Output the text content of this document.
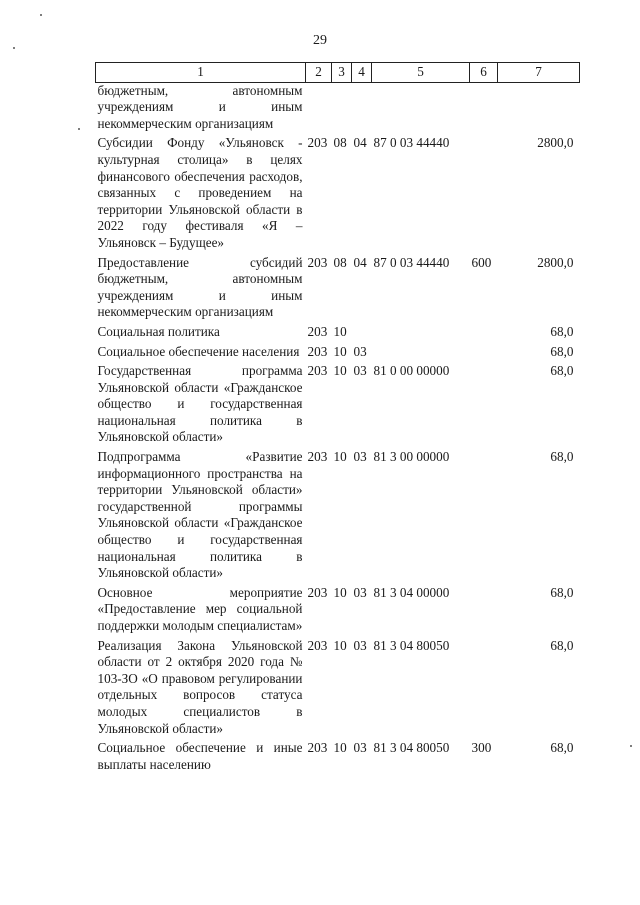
29
1	2	3	4	5	6	7
бюджетным, автономным учреждениям и иным некоммерческим организациям						
Субсидии Фонду «Ульяновск - культурная столица» в целях финансового обеспечения расходов, связанных с проведением на территории Ульяновской области в 2022 году фестиваля «Я – Ульяновск – Будущее»	203	08	04	87 0 03 44440		2800,0
Предоставление субсидий бюджетным, автономным учреждениям и иным некоммерческим организациям	203	08	04	87 0 03 44440	600	2800,0
Социальная политика	203	10				68,0
Социальное обеспечение населения	203	10	03			68,0
Государственная программа Ульяновской области «Гражданское общество и государственная национальная политика в Ульяновской области»	203	10	03	81 0 00 00000		68,0
Подпрограмма «Развитие информационного пространства на территории Ульяновской области» государственной программы Ульяновской области «Гражданское общество и государственная национальная политика в Ульяновской области»	203	10	03	81 3 00 00000		68,0
Основное мероприятие «Предоставление мер социальной поддержки молодым специалистам»	203	10	03	81 3 04 00000		68,0
Реализация Закона Ульяновской области от 2 октября 2020 года № 103-ЗО «О правовом регулировании отдельных вопросов статуса молодых специалистов в Ульяновской области»	203	10	03	81 3 04 80050		68,0
Социальное обеспечение и иные выплаты населению	203	10	03	81 3 04 80050	300	68,0
